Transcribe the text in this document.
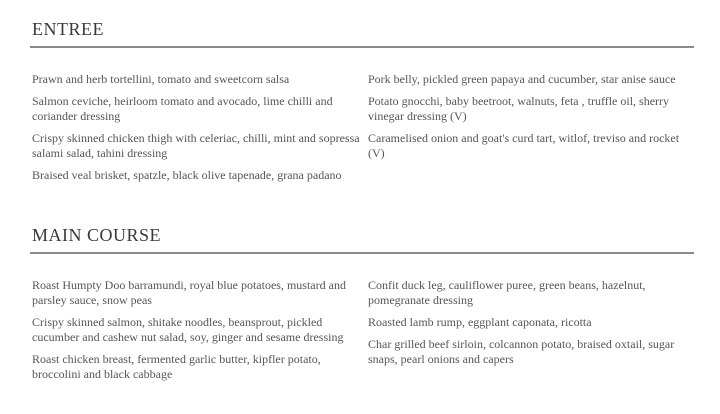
ENTREE

Prawn and herb tortellini, tomato and sweetcorn salsa

Salmon ceviche, heirloom tomato and avocado, lime chilli and coriander dressing

Crispy skinned chicken thigh with celeriac, chilli, mint and sopressa salami salad, tahini dressing

Braised veal brisket, spatzle, black olive tapenade, grana padano

Pork belly, pickled green papaya and cucumber, star anise sauce

Potato gnocchi, baby beetroot, walnuts, feta , truffle oil, sherry vinegar dressing (V)

Caramelised onion and goat's curd tart, witlof, treviso and rocket (V)

MAIN COURSE

Roast Humpty Doo barramundi, royal blue potatoes, mustard and parsley sauce, snow peas

Crispy skinned salmon, shitake noodles, beansprout, pickled cucumber and cashew nut salad, soy, ginger and sesame dressing

Roast chicken breast, fermented garlic butter, kipfler potato, broccolini and black cabbage

Confit duck leg, cauliflower puree, green beans, hazelnut, pomegranate dressing

Roasted lamb rump, eggplant caponata, ricotta

Char grilled beef sirloin, colcannon potato, braised oxtail, sugar snaps, pearl onions and capers
